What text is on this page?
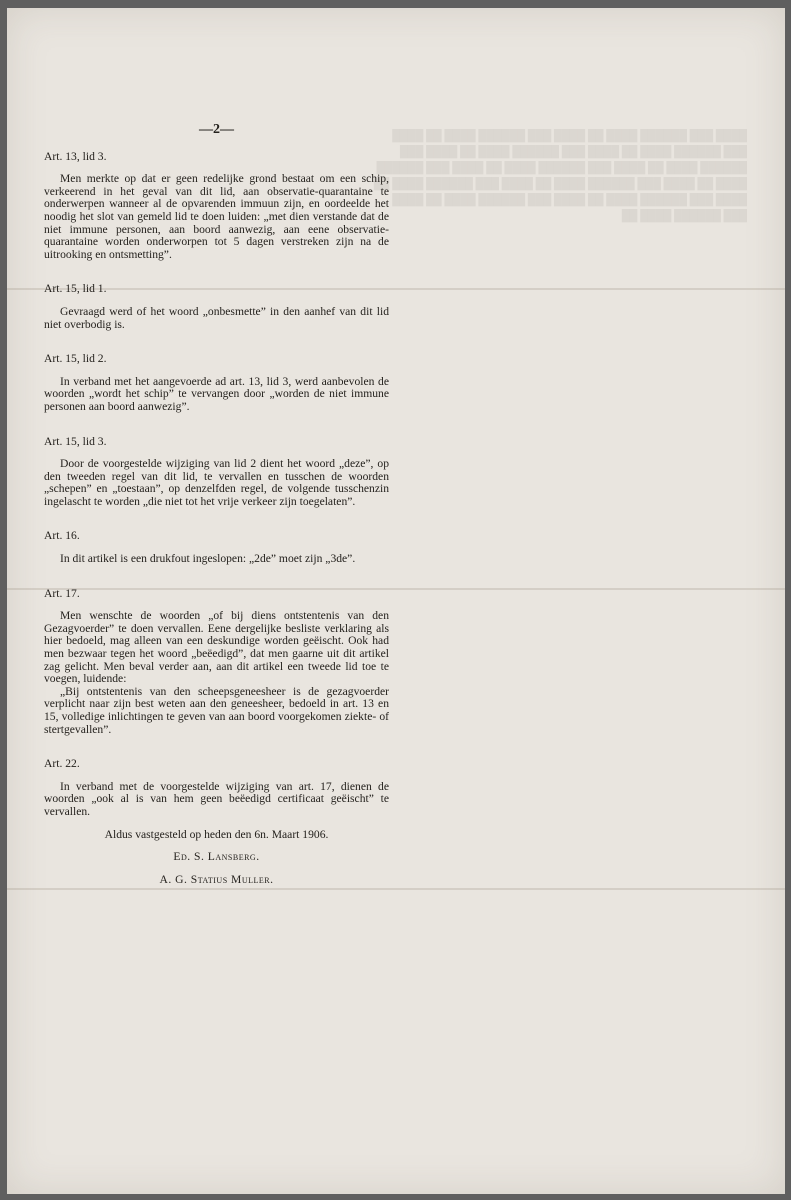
████ ███ ██████ ████ ██ ████ ███ ██████ ████ ██ ████ ███ ██████ ████ ██ ████ ███ ██████ ████ ██ ████ ███ ██████ ████ ██ ████ ███ ██████ ████ ██ ████ ███ ██████ ████ ██ ████ ███ ██████ ████ ██ ████ ███ ██████ ████ ██ ████ ███ ██████ ████ ██ ████ ███ ██████ ████ ██ ████ ███ ██████ ████ ██
—2—
Art. 13, lid 3.
Men merkte op dat er geen redelijke grond bestaat om een schip, verkeerend in het geval van dit lid, aan observatie-quarantaine te onderwerpen wanneer al de opvarenden immuun zijn, en oordeelde het noodig het slot van gemeld lid te doen luiden: „met dien verstande dat de niet immune personen, aan boord aanwezig, aan eene observatie-quarantaine worden onderworpen tot 5 dagen verstreken zijn na de uitrooking en ontsmetting”.
Art. 15, lid 1.
Gevraagd werd of het woord „onbesmette” in den aanhef van dit lid niet overbodig is.
Art. 15, lid 2.
In verband met het aangevoerde ad art. 13, lid 3, werd aanbevolen de woorden „wordt het schip” te vervangen door „worden de niet immune personen aan boord aanwezig”.
Art. 15, lid 3.
Door de voorgestelde wijziging van lid 2 dient het woord „deze”, op den tweeden regel van dit lid, te vervallen en tusschen de woorden „schepen” en „toestaan”, op denzelfden regel, de volgende tusschenzin ingelascht te worden „die niet tot het vrije verkeer zijn toegelaten”.
Art. 16.
In dit artikel is een drukfout ingeslopen: „2de” moet zijn „3de”.
Art. 17.
Men wenschte de woorden „of bij diens ontstentenis van den Gezagvoerder” te doen vervallen. Eene dergelijke besliste verklaring als hier bedoeld, mag alleen van een deskundige worden geëischt. Ook had men bezwaar tegen het woord „beëedigd”, dat men gaarne uit dit artikel zag gelicht. Men beval verder aan, aan dit artikel een tweede lid toe te voegen, luidende:
„Bij ontstentenis van den scheepsgeneesheer is de gezagvoerder verplicht naar zijn best weten aan den geneesheer, bedoeld in art. 13 en 15, volledige inlichtingen te geven van aan boord voorgekomen ziekte- of stertgevallen”.
Art. 22.
In verband met de voorgestelde wijziging van art. 17, dienen de woorden „ook al is van hem geen beëedigd certificaat geëischt” te vervallen.
Aldus vastgesteld op heden den 6n. Maart 1906.
Ed. S. Lansberg.
A. G. Statius Muller.
